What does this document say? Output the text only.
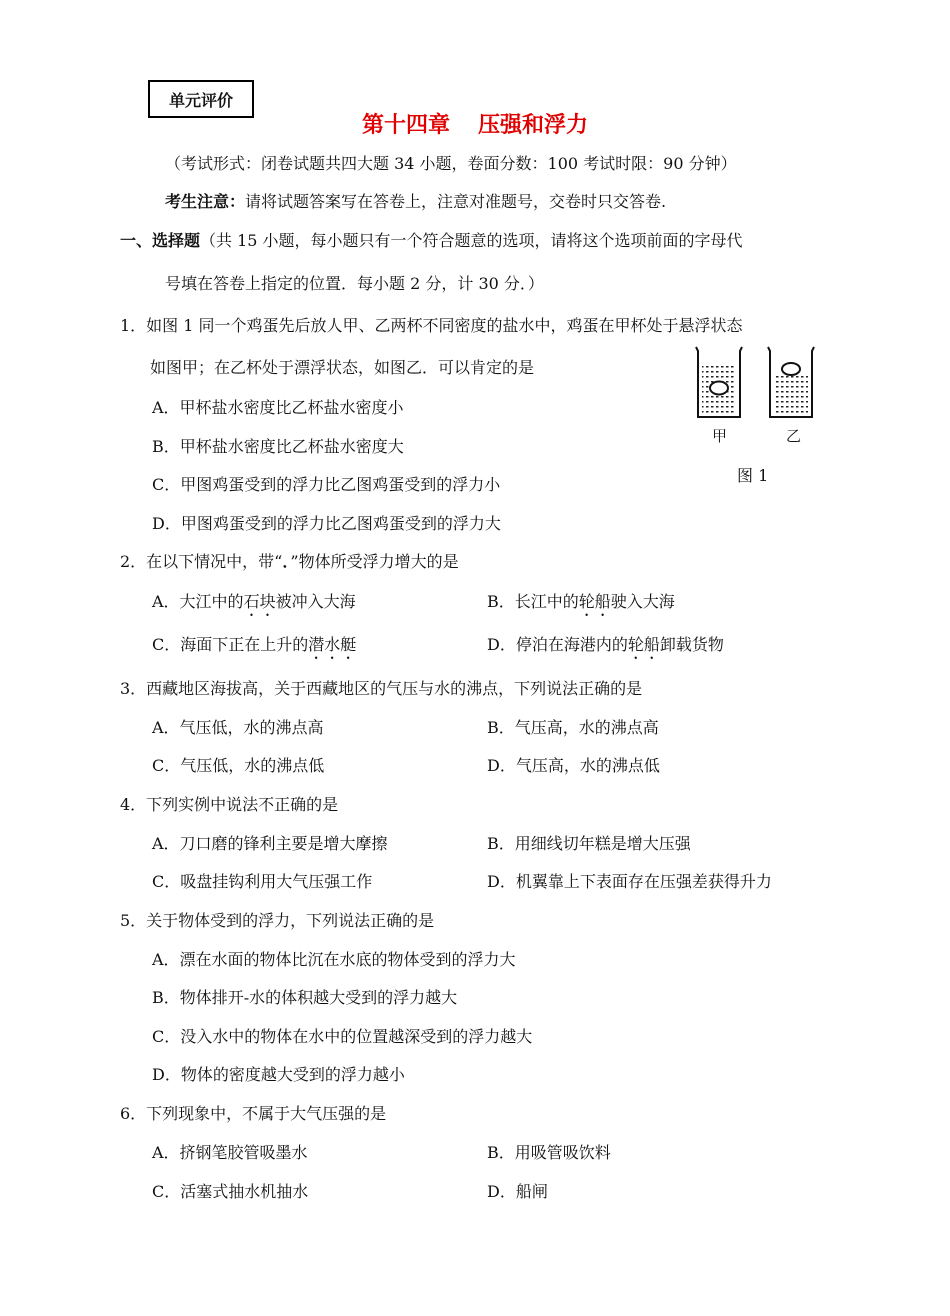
单元评价
第十四章 压强和浮力
（考试形式：闭卷试题共四大题 34 小题，卷面分数：100 考试时限：90 分钟）
考生注意：请将试题答案写在答卷上，注意对准题号，交卷时只交答卷.
一、选择题（共 15 小题，每小题只有一个符合题意的选项，请将这个选项前面的字母代
号填在答卷上指定的位置．每小题 2 分，计 30 分．）
1．如图 1 同一个鸡蛋先后放人甲、乙两杯不同密度的盐水中，鸡蛋在甲杯处于悬浮状态
如图甲；在乙杯处于漂浮状态，如图乙．可以肯定的是
A．甲杯盐水密度比乙杯盐水密度小
B．甲杯盐水密度比乙杯盐水密度大
C．甲图鸡蛋受到的浮力比乙图鸡蛋受到的浮力小
D．甲图鸡蛋受到的浮力比乙图鸡蛋受到的浮力大
甲	乙
图 1
2．在以下情况中，带“．”物体所受浮力增大的是
A．大江中的石块被冲入大海	B．长江中的轮船驶入大海
C．海面下正在上升的潜水艇	D．停泊在海港内的轮船卸载货物
3．西藏地区海拔高，关于西藏地区的气压与水的沸点，下列说法正确的是
A．气压低，水的沸点高	B．气压高，水的沸点高
C．气压低，水的沸点低	D．气压高，水的沸点低
4．下列实例中说法不正确的是
A．刀口磨的锋利主要是增大摩擦	B．用细线切年糕是增大压强
C．吸盘挂钩利用大气压强工作	D．机翼靠上下表面存在压强差获得升力
5．关于物体受到的浮力，下列说法正确的是
A．漂在水面的物体比沉在水底的物体受到的浮力大
B．物体排开-水的体积越大受到的浮力越大
C．没入水中的物体在水中的位置越深受到的浮力越大
D．物体的密度越大受到的浮力越小
6．下列现象中，不属于大气压强的是
A．挤钢笔胶管吸墨水	B．用吸管吸饮料
C．活塞式抽水机抽水	D．船闸
